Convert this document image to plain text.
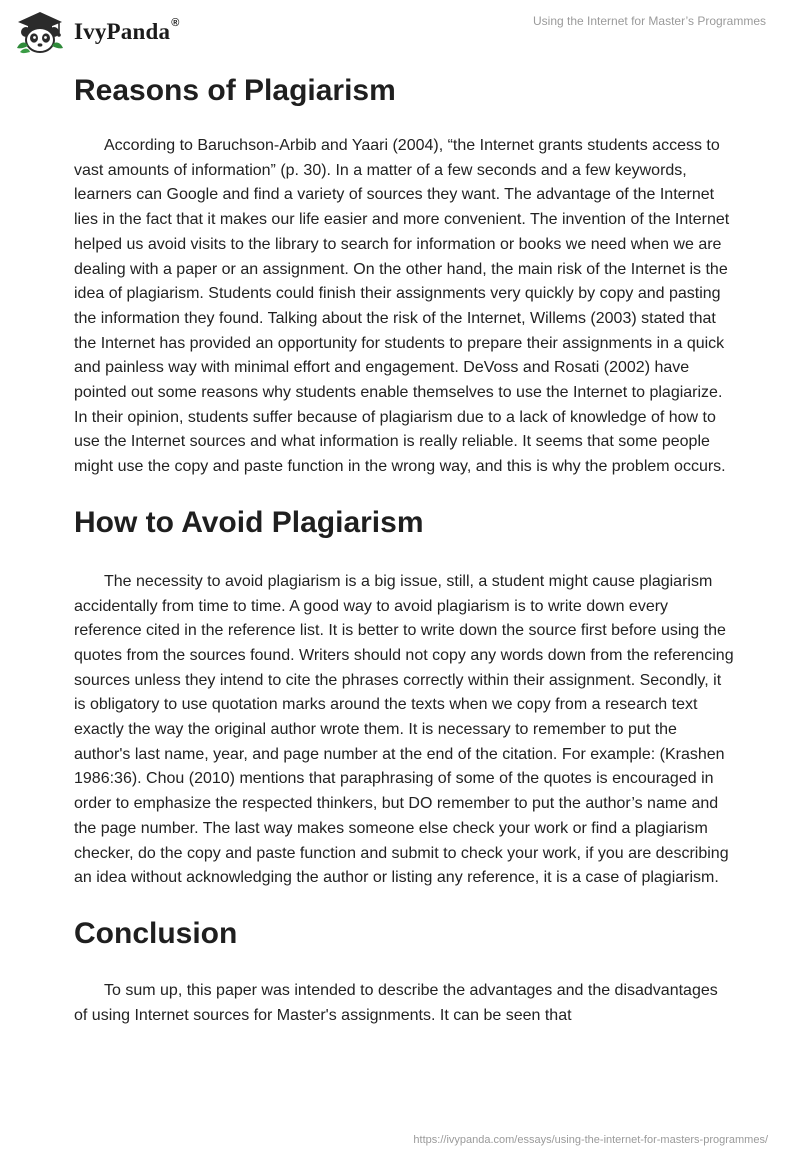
IvyPanda®	Using the Internet for Master’s Programmes
Reasons of Plagiarism

According to Baruchson-Arbib and Yaari (2004), “the Internet grants students access to vast amounts of information” (p. 30). In a matter of a few seconds and a few keywords, learners can Google and find a variety of sources they want. The advantage of the Internet lies in the fact that it makes our life easier and more convenient. The invention of the Internet helped us avoid visits to the library to search for information or books we need when we are dealing with a paper or an assignment. On the other hand, the main risk of the Internet is the idea of plagiarism. Students could finish their assignments very quickly by copy and pasting the information they found. Talking about the risk of the Internet, Willems (2003) stated that the Internet has provided an opportunity for students to prepare their assignments in a quick and painless way with minimal effort and engagement. DeVoss and Rosati (2002) have pointed out some reasons why students enable themselves to use the Internet to plagiarize. In their opinion, students suffer because of plagiarism due to a lack of knowledge of how to use the Internet sources and what information is really reliable. It seems that some people might use the copy and paste function in the wrong way, and this is why the problem occurs.

How to Avoid Plagiarism

The necessity to avoid plagiarism is a big issue, still, a student might cause plagiarism accidentally from time to time. A good way to avoid plagiarism is to write down every reference cited in the reference list. It is better to write down the source first before using the quotes from the sources found. Writers should not copy any words down from the referencing sources unless they intend to cite the phrases correctly within their assignment. Secondly, it is obligatory to use quotation marks around the texts when we copy from a research text exactly the way the original author wrote them. It is necessary to remember to put the author's last name, year, and page number at the end of the citation. For example: (Krashen 1986:36). Chou (2010) mentions that paraphrasing of some of the quotes is encouraged in order to emphasize the respected thinkers, but DO remember to put the author’s name and the page number. The last way makes someone else check your work or find a plagiarism checker, do the copy and paste function and submit to check your work, if you are describing an idea without acknowledging the author or listing any reference, it is a case of plagiarism.

Conclusion

To sum up, this paper was intended to describe the advantages and the disadvantages of using Internet sources for Master's assignments. It can be seen that

https://ivypanda.com/essays/using-the-internet-for-masters-programmes/
